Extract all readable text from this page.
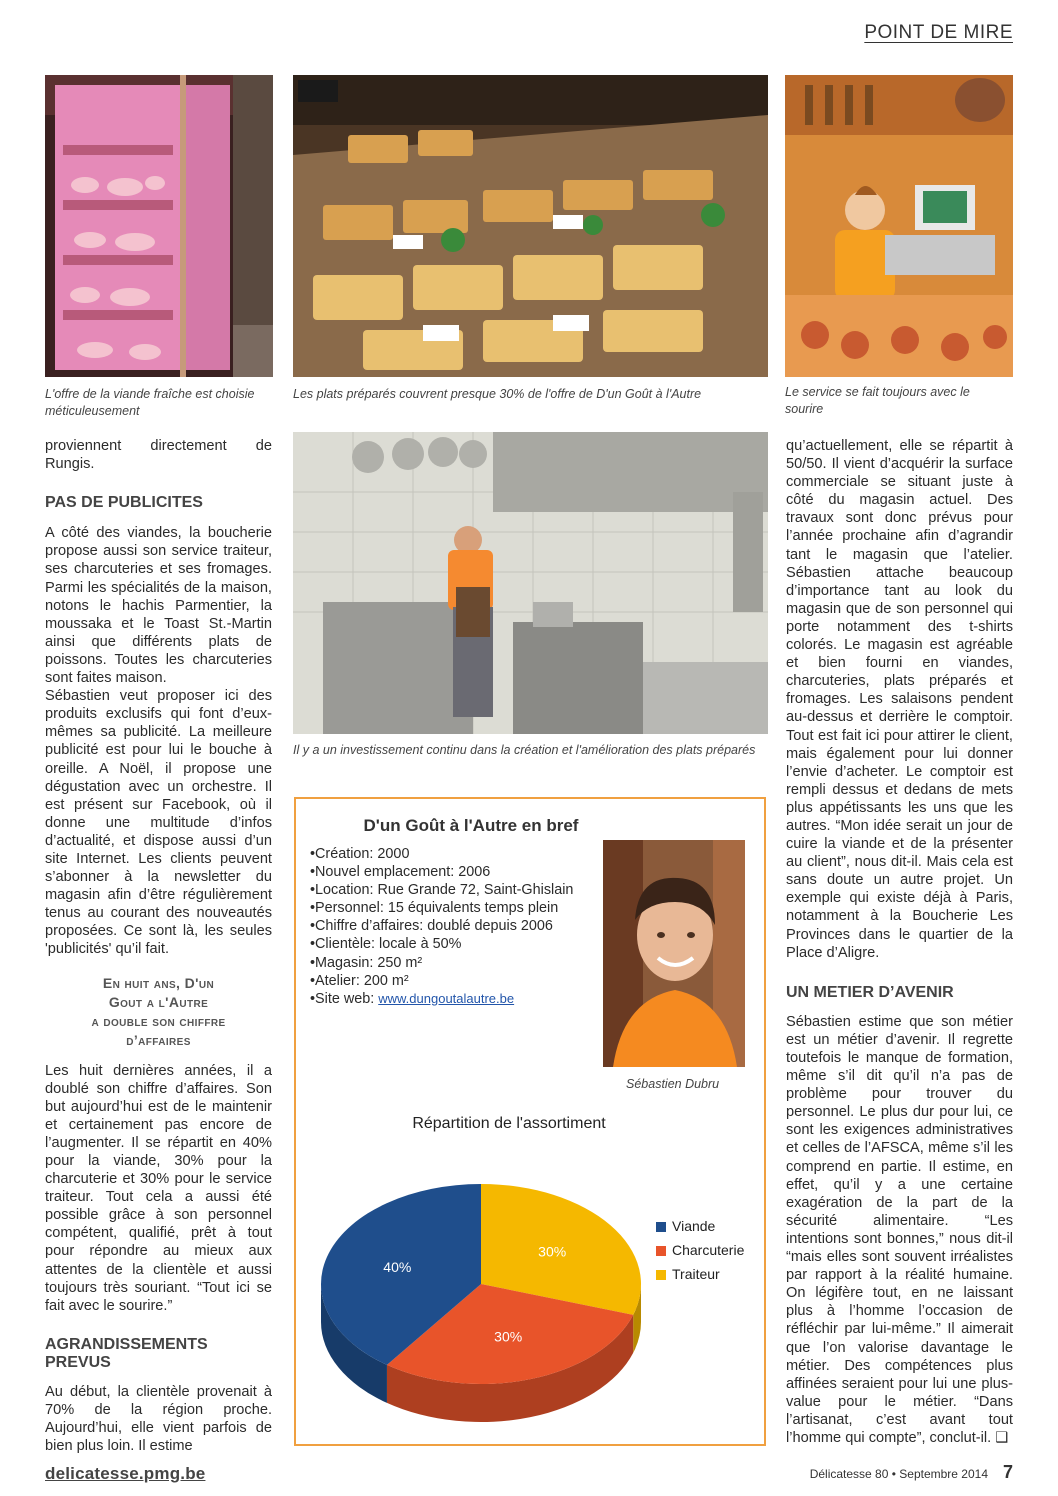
POINT DE MIRE
L'offre de la viande fraîche est choisie méticuleusement
Les plats préparés couvrent presque 30% de l'offre de D'un Goût à l'Autre	Le service se fait toujours avec le sourire
Il y a un investissement continu dans la création et l'amélioration des plats préparés

proviennent directement de Rungis.

PAS DE PUBLICITES

A côté des viandes, la boucherie propose aussi son service traiteur, ses charcuteries et ses fromages. Parmi les spécialités de la maison, notons le hachis Parmentier, la moussaka et le Toast St.-Martin ainsi que différents plats de poissons. Toutes les charcuteries sont faites maison.

Sébastien veut proposer ici des produits exclusifs qui font d’eux-mêmes sa publicité. La meilleure publicité est pour lui le bouche à oreille. A Noël, il propose une dégustation avec un orchestre. Il est présent sur Facebook, où il donne une multitude d’infos d’actualité, et dispose aussi d’un site Internet. Les clients peuvent s’abonner à la newsletter du magasin afin d’être régulièrement tenus au courant des nouveautés proposées. Ce sont là, les seules 'publicités' qu’il fait.

En huit ans, D'un
Gout a l'Autre
a double son chiffre
d’affaires

Les huit dernières années, il a doublé son chiffre d’affaires. Son but aujourd’hui est de le maintenir et certainement pas encore de l’augmenter. Il se répartit en 40% pour la viande, 30% pour la charcuterie et 30% pour le service traiteur. Tout cela a aussi été possible grâce à son personnel compétent, qualifié, prêt à tout pour répondre au mieux aux attentes de la clientèle et aussi toujours très souriant. “Tout ici se fait avec le sourire.”

AGRANDISSEMENTS PREVUS

Au début, la clientèle provenait à 70% de la région proche. Aujourd’hui, elle vient parfois de bien plus loin. Il estime

qu’actuellement, elle se répartit à 50/50. Il vient d’acquérir la surface commerciale se situant juste à côté du magasin actuel. Des travaux sont donc prévus pour l’année prochaine afin d’agrandir tant le magasin que l’atelier. Sébastien attache beaucoup d’importance tant au look du magasin que de son personnel qui porte notamment des t-shirts colorés. Le magasin est agréable et bien fourni en viandes, charcuteries, plats préparés et fromages. Les salaisons pendent au-dessus et derrière le comptoir. Tout est fait ici pour attirer le client, mais également pour lui donner l’envie d’acheter. Le comptoir est rempli dessus et dedans de mets plus appétissants les uns que les autres. “Mon idée serait un jour de cuire la viande et de la présenter au client”, nous dit-il. Mais cela est sans doute un autre projet. Un exemple qui existe déjà à Paris, notamment à la Boucherie Les Provinces dans le quartier de la Place d’Aligre.

UN METIER D’AVENIR

Sébastien estime que son métier est un métier d’avenir. Il regrette toutefois le manque de formation, même s’il dit qu’il n’a pas de problème pour trouver du personnel. Le plus dur pour lui, ce sont les exigences administratives et celles de l’AFSCA, même s’il les comprend en partie. Il estime, en effet, qu’il y a une certaine exagération de la part de la sécurité alimentaire. “Les intentions sont bonnes,” nous dit-il “mais elles sont souvent irréalistes par rapport à la réalité humaine. On légifère tout, en ne laissant plus à l’homme l’occasion de réfléchir par lui-même.” Il aimerait que l’on valorise davantage le métier. Des compétences plus affinées seraient pour lui une plus-value pour le métier. “Dans l’artisanat, c’est avant tout l’homme qui compte”, conclut-il. ❑

D'un Goût à l'Autre en bref
•Création: 2000
•Nouvel emplacement: 2006
•Location: Rue Grande 72, Saint-Ghislain
•Personnel: 15 équivalents temps plein
•Chiffre d’affaires: doublé depuis 2006
•Clientèle: locale à 50%
•Magasin: 250 m²
•Atelier: 200 m²
•Site web: www.dungoutalautre.be
Sébastien Dubru
Répartition de l'assortiment
30%
30%
40%
Viande
Charcuterie
Traiteur
delicatesse.pmg.be	Délicatesse 80 • Septembre 2014 7
